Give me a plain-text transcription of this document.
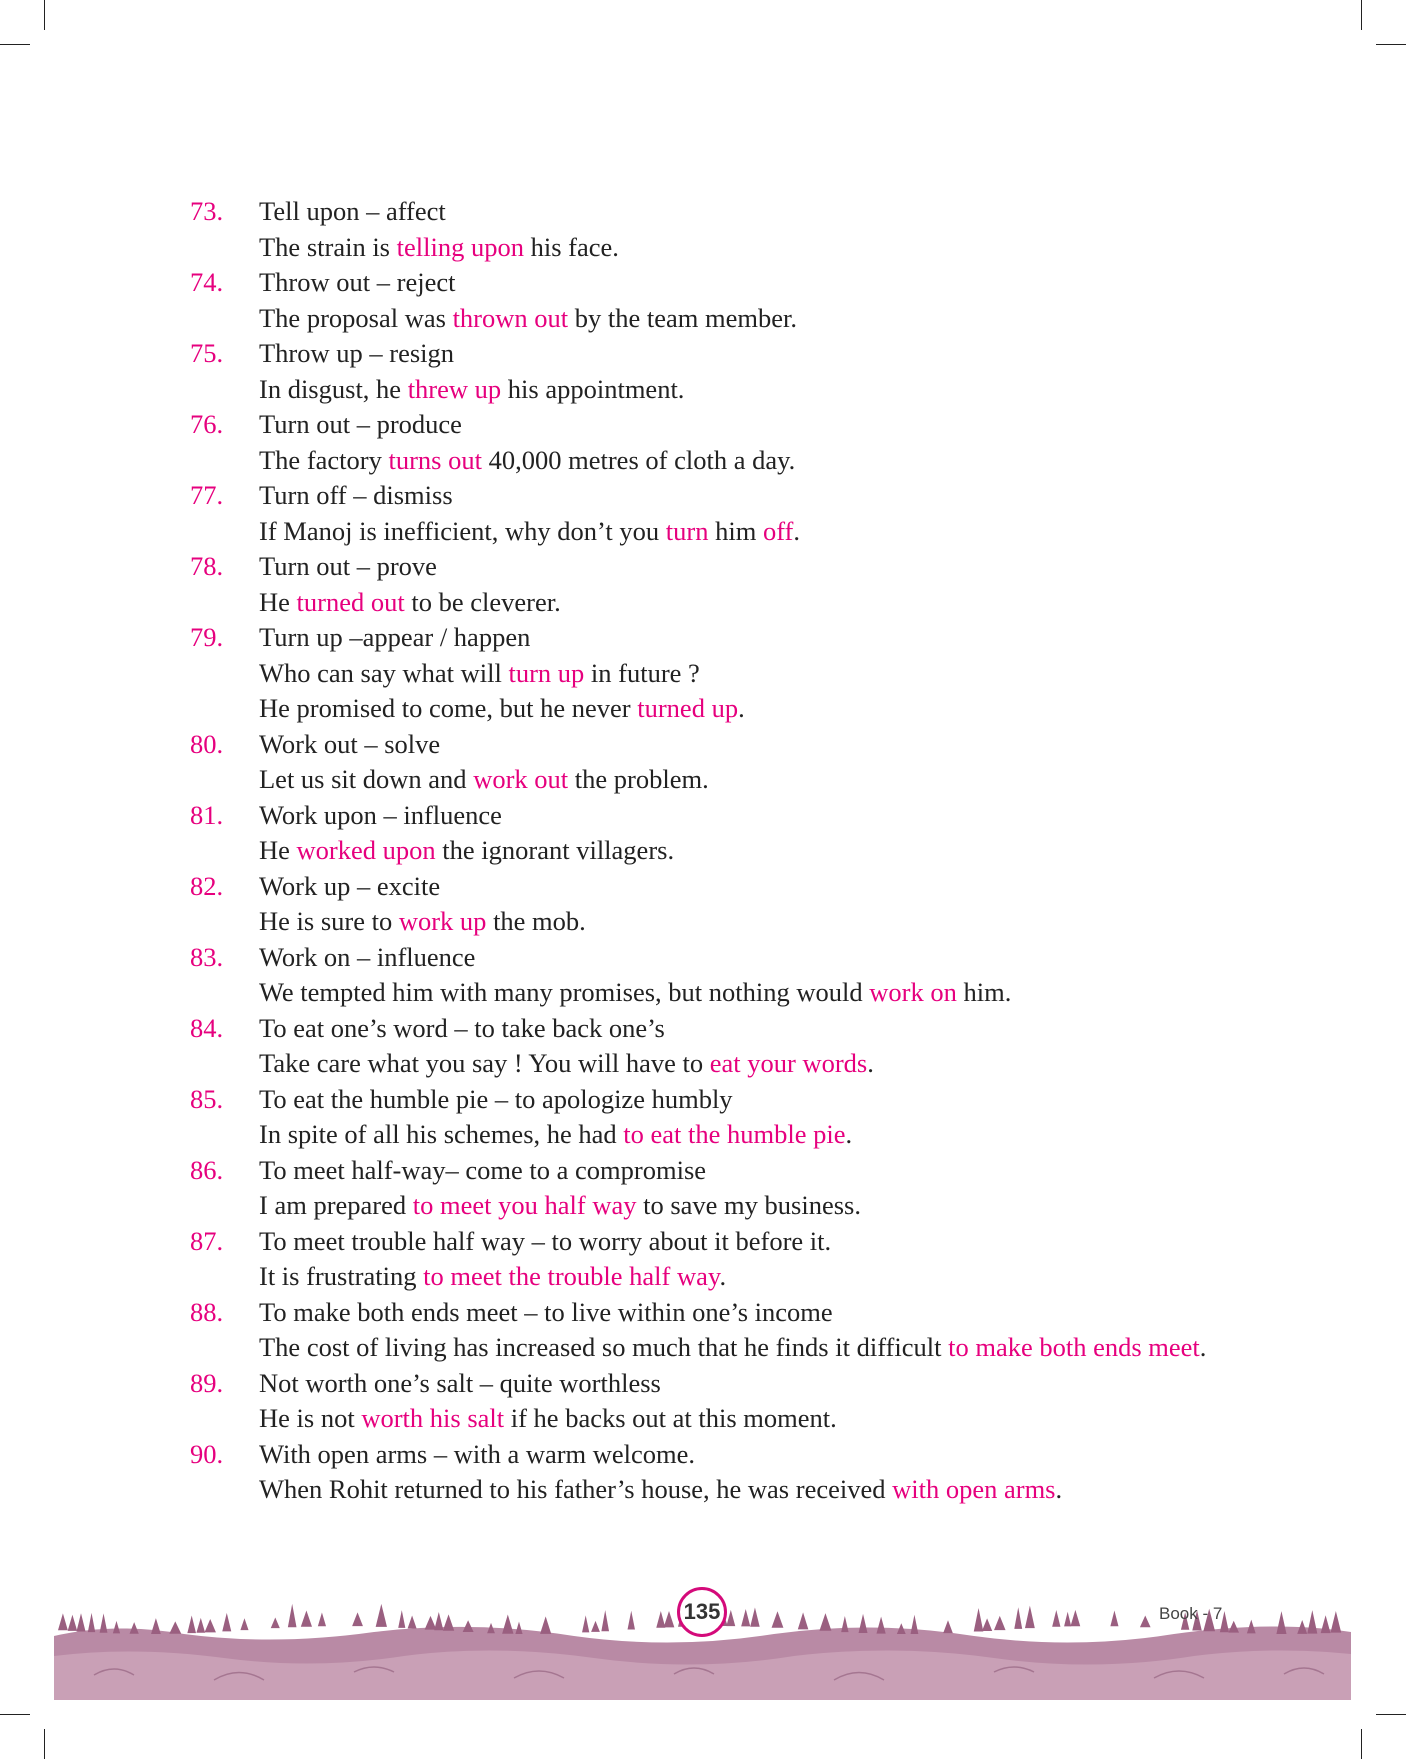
73.	Tell upon – affect
The strain is telling upon his face.
74.	Throw out – reject
The proposal was thrown out by the team member.
75.	Throw up – resign
In disgust, he threw up his appointment.
76.	Turn out – produce
The factory turns out 40,000 metres of cloth a day.
77.	Turn off – dismiss
If Manoj is inefficient, why don’t you turn him off.
78.	Turn out – prove
He turned out to be cleverer.
79.	Turn up –appear / happen
Who can say what will turn up in future ?
He promised to come, but he never turned up.
80.	Work out – solve
Let us sit down and work out the problem.
81.	Work upon – influence
He worked upon the ignorant villagers.
82.	Work up – excite
He is sure to work up the mob.
83.	Work on – influence
We tempted him with many promises, but nothing would work on him.
84.	To eat one’s word – to take back one’s
Take care what you say ! You will have to eat your words.
85.	To eat the humble pie – to apologize humbly
In spite of all his schemes, he had to eat the humble pie.
86.	To meet half-way– come to a compromise
I am prepared to meet you half way to save my business.
87.	To meet trouble half way – to worry about it before it.
It is frustrating to meet the trouble half way.
88.	To make both ends meet – to live within one’s income
The cost of living has increased so much that he finds it difficult to make both ends meet.
89.	Not worth one’s salt – quite worthless
He is not worth his salt if he backs out at this moment.
90.	With open arms – with a warm welcome.
When Rohit returned to his father’s house, he was received with open arms.
135	Book - 7
